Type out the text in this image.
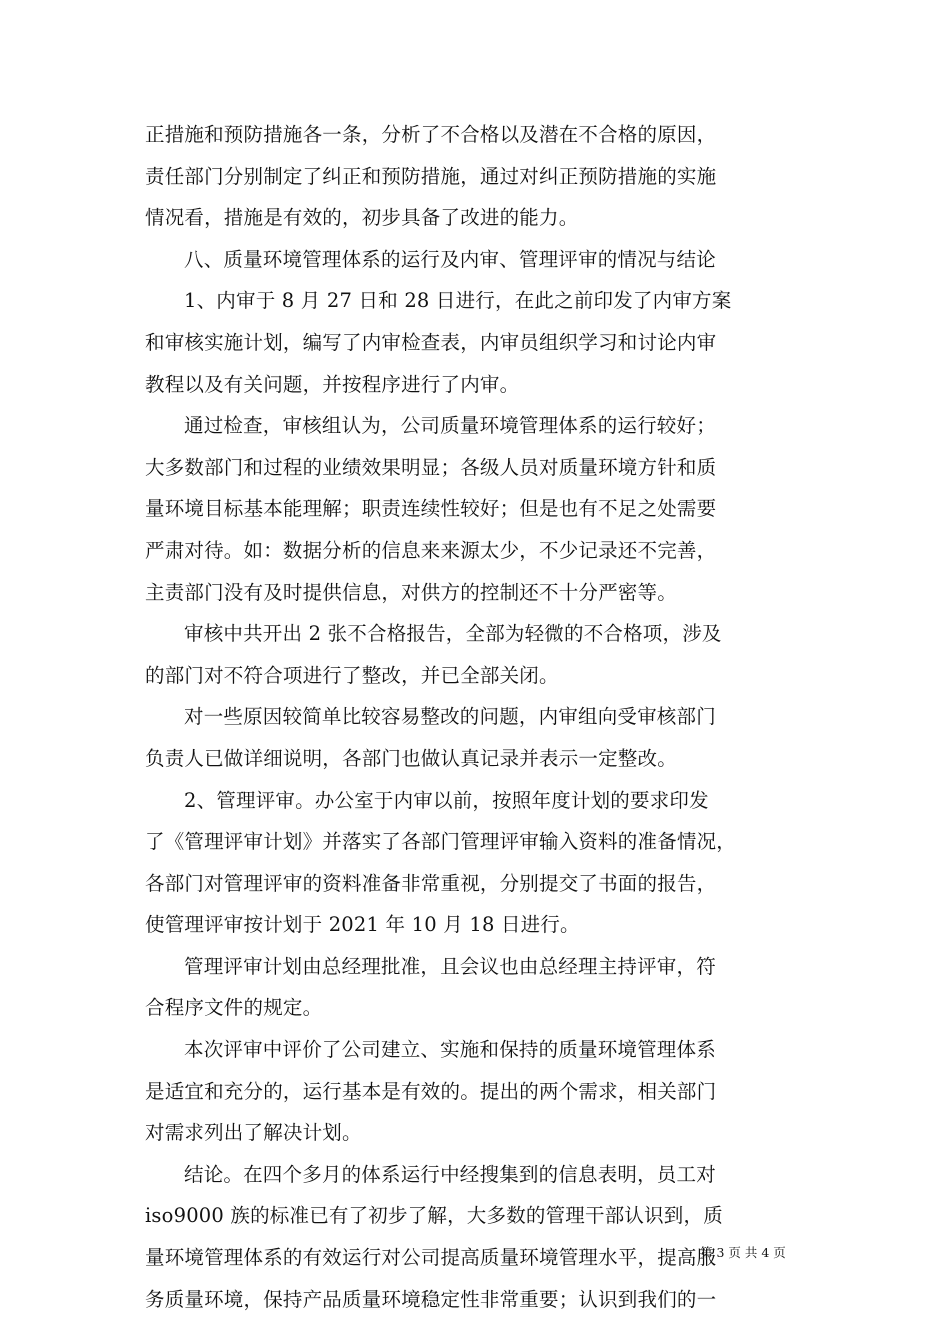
正措施和预防措施各一条，分析了不合格以及潜在不合格的原因，
责任部门分别制定了纠正和预防措施，通过对纠正预防措施的实施
情况看，措施是有效的，初步具备了改进的能力。
八、质量环境管理体系的运行及内审、管理评审的情况与结论
1、内审于 8 月 27 日和 28 日进行，在此之前印发了内审方案
和审核实施计划，编写了内审检查表，内审员组织学习和讨论内审
教程以及有关问题，并按程序进行了内审。
通过检查，审核组认为，公司质量环境管理体系的运行较好；
大多数部门和过程的业绩效果明显；各级人员对质量环境方针和质
量环境目标基本能理解；职责连续性较好；但是也有不足之处需要
严肃对待。如：数据分析的信息来来源太少，不少记录还不完善，
主责部门没有及时提供信息，对供方的控制还不十分严密等。
审核中共开出 2 张不合格报告，全部为轻微的不合格项，涉及
的部门对不符合项进行了整改，并已全部关闭。
对一些原因较简单比较容易整改的问题，内审组向受审核部门
负责人已做详细说明，各部门也做认真记录并表示一定整改。
2、管理评审。办公室于内审以前，按照年度计划的要求印发
了《管理评审计划》并落实了各部门管理评审输入资料的准备情况，
各部门对管理评审的资料准备非常重视，分别提交了书面的报告，
使管理评审按计划于 2021 年 10 月 18 日进行。
管理评审计划由总经理批准，且会议也由总经理主持评审，符
合程序文件的规定。
本次评审中评价了公司建立、实施和保持的质量环境管理体系
是适宜和充分的，运行基本是有效的。提出的两个需求，相关部门
对需求列出了解决计划。
结论。在四个多月的体系运行中经搜集到的信息表明，员工对
iso9000 族的标准已有了初步了解，大多数的管理干部认识到，质
量环境管理体系的有效运行对公司提高质量环境管理水平，提高服
务质量环境，保持产品质量环境稳定性非常重要；认识到我们的一
第 3 页 共 4 页
